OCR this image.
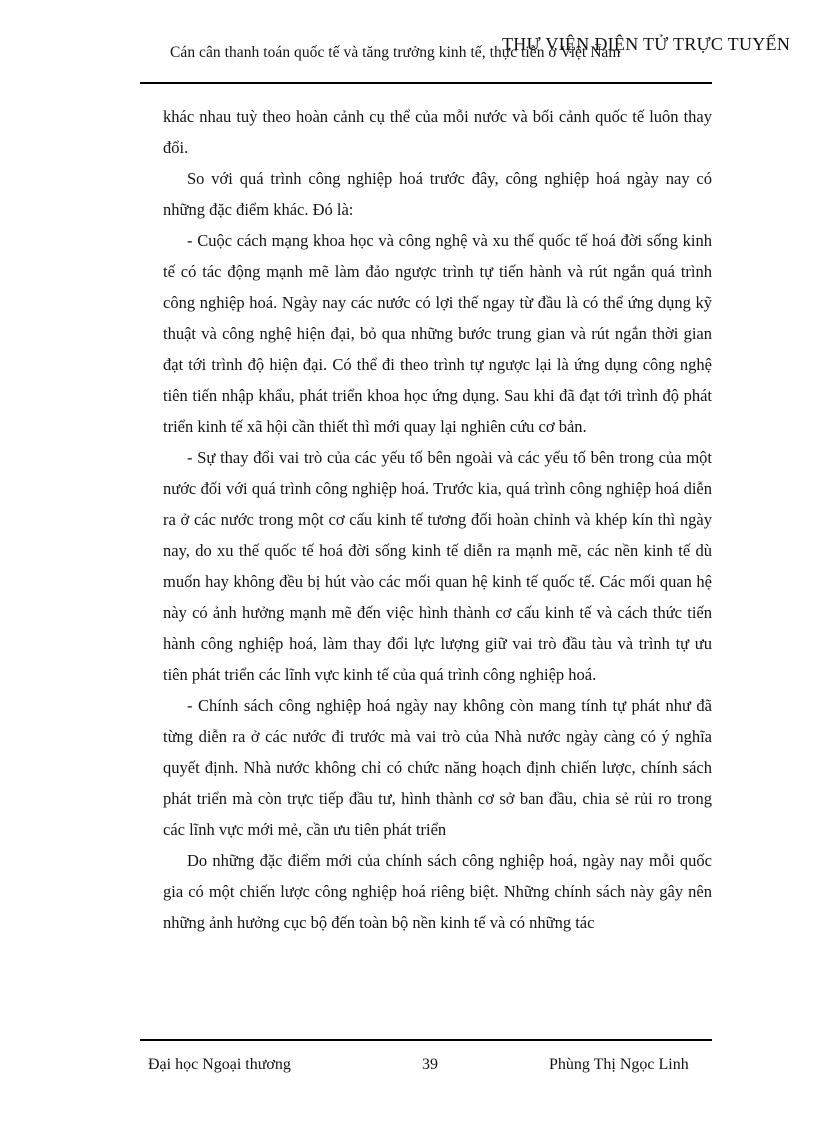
Cán cân thanh toán quốc tế và tăng trưởng kinh tế, thực tiễn ở Việt Nam
THƯ VIỆN ĐIỆN TỬ TRỰC TUYẾN

khác nhau tuỳ theo hoàn cảnh cụ thể của mỗi nước và bối cảnh quốc tế luôn thay đổi.

So với quá trình công nghiệp hoá trước đây, công nghiệp hoá ngày nay có những đặc điểm khác. Đó là:

- Cuộc cách mạng khoa học và công nghệ và xu thế quốc tế hoá đời sống kinh tế có tác động mạnh mẽ làm đảo ngược trình tự tiến hành và rút ngắn quá trình công nghiệp hoá. Ngày nay các nước có lợi thế ngay từ đầu là có thể ứng dụng kỹ thuật và công nghệ hiện đại, bỏ qua những bước trung gian và rút ngắn thời gian đạt tới trình độ hiện đại. Có thể đi theo trình tự ngược lại là ứng dụng công nghệ tiên tiến nhập khẩu, phát triển khoa học ứng dụng. Sau khi đã đạt tới trình độ phát triển kinh tế xã hội cần thiết thì mới quay lại nghiên cứu cơ bản.

- Sự thay đổi vai trò của các yếu tố bên ngoài và các yếu tố bên trong của một nước đối với quá trình công nghiệp hoá. Trước kia, quá trình công nghiệp hoá diễn ra ở các nước trong một cơ cấu kinh tế tương đối hoàn chỉnh và khép kín thì ngày nay, do xu thế quốc tế hoá đời sống kinh tế diễn ra mạnh mẽ, các nền kinh tế dù muốn hay không đều bị hút vào các mối quan hệ kinh tế quốc tế. Các mối quan hệ này có ảnh hưởng mạnh mẽ đến việc hình thành cơ cấu kinh tế và cách thức tiến hành công nghiệp hoá, làm thay đổi lực lượng giữ vai trò đầu tàu và trình tự ưu tiên phát triển các lĩnh vực kinh tế của quá trình công nghiệp hoá.

- Chính sách công nghiệp hoá ngày nay không còn mang tính tự phát như đã từng diễn ra ở các nước đi trước mà vai trò của Nhà nước ngày càng có ý nghĩa quyết định. Nhà nước không chỉ có chức năng hoạch định chiến lược, chính sách phát triển mà còn trực tiếp đầu tư, hình thành cơ sở ban đầu, chia sẻ rủi ro trong các lĩnh vực mới mẻ, cần ưu tiên phát triển

Do những đặc điểm mới của chính sách công nghiệp hoá, ngày nay mỗi quốc gia có một chiến lược công nghiệp hoá riêng biệt. Những chính sách này gây nên những ảnh hưởng cục bộ đến toàn bộ nền kinh tế và có những tác

Đại học Ngoại thương	39	Phùng Thị Ngọc Linh
